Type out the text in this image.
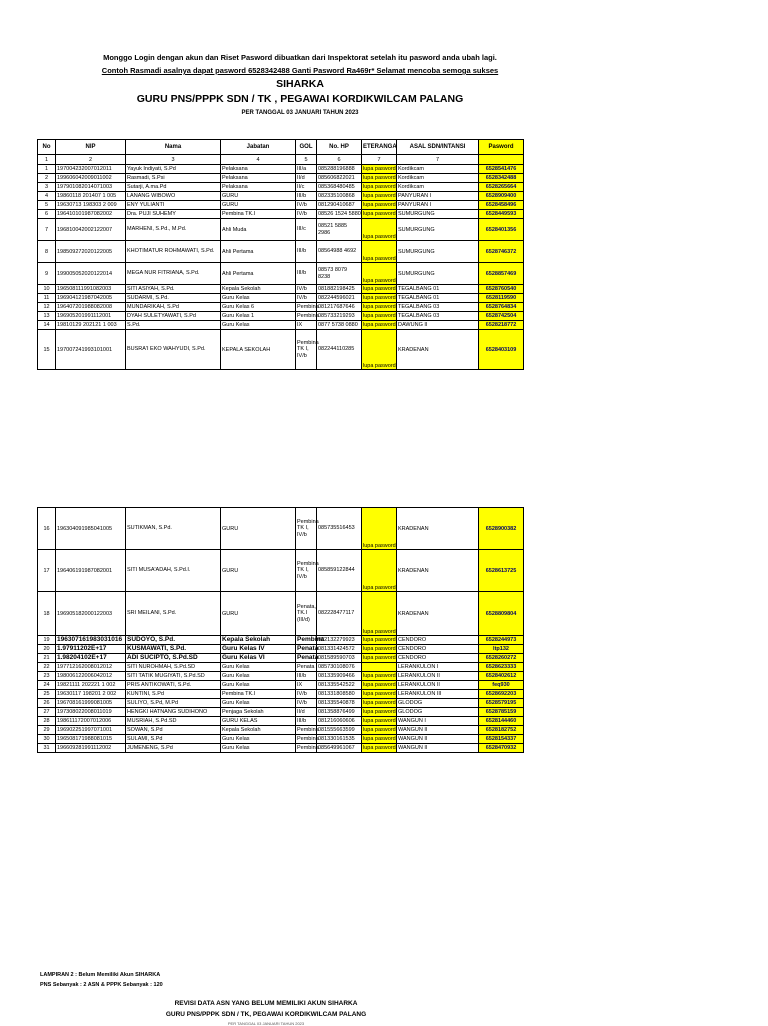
Monggo Login dengan akun dan Riset Pasword dibuatkan dari Inspektorat setelah itu pasword anda ubah lagi.
Contoh Rasmadi asalnya dapat pasword 6528342488 Ganti Pasword Ra469r* Selamat mencoba semoga sukses
SIHARKA
GURU PNS/PPPK SDN / TK , PEGAWAI KORDIKWILCAM PALANG
PER TANGGAL 03 JANUARI TAHUN 2023
No	NIP	Nama	Jabatan	GOL	No. HP	ETERANGA	ASAL SDN/INTANSI	Pasword
1	2	3	4	5	6	7	7	
1	197004232007012011	Yayuk Indiyati, S.Pd	Pelaksana	III/a	085288196888	lupa pasword	Kordikcam	6528541476
2	199606042009011002	Rasmadi, S.Psi	Pelaksana	II/d	085606822021	lupa pasword	Kordikcam	6528342488
3	197901082014071003	Sutarji, A.ma.Pd	Pelaksana	II/c	085368480485	lupa pasword	Kordikcam	6528265664
4	19860118 201407 1 005	LANANG WIBOWO	GURU	III/b	082335100868	lupa pasword	PANYURAN I	6528909400
5	19630713 198303 2 009	ENY YULIANTI	GURU	IV/b	081290410687	lupa pasword	PANYURAN I	6528458496
6	196410101987082002	Dra. PUJI SUHEMY	Pembina TK.I	IV/b	08526 1524 5880	lupa pasword	SUMURGUNG	6528449593
7	196810042002122007	MARHENI, S.Pd., M.Pd.	Ahli Muda	III/c	08521 5885 2986	lupa pasword	SUMURGUNG	6528401356
8	198509272020122005	KHOTIMATUR ROHMAWATI, S.Pd.	Ahli Pertama	III/b	08564988 4692	lupa pasword	SUMURGUNG	6528746372
9	199005052020122014	MEGA NUR FITRIANA, S.Pd.	Ahli Pertama	III/b	08573 8079 8238	lupa pasword	SUMURGUNG	6528857469
10	196508111991082003	SITI ASIYAH, S.Pd.	Kepala Sekolah	IV/b	081882198425	lupa pasword	TEGALBANG 01	6528760540
11	196904121987042005	SUDARMI, S.Pd.	Guru Kelas	IV/b	082244596021	lupa pasword	TEGALBANG 01	6528119590
12	196407201988082008	MUNDARIKAH, S.Pd	Guru Kelas 6	Pembina	081217687646	lupa pasword	TEGALBANG 03	6528764834
13	196905201991112001	DYAH SULETYAWATI, S.Pd	Guru Kelas 1	Pembina	085733219293	lupa pasword	TEGALBANG 03	6528742504
14	19810129 202121 1 003	S.Pd.	Guru Kelas	IX	0877 5738 0880	lupa pasword	DAWUNG II	6528218772
15	197007241993101001	BUSRA'I EKO WAHYUDI, S.Pd.	KEPALA SEKOLAH	Pembina TK I, IV/b	082244110285	lupa pasword	KRADENAN	6528403109
16	196304091985041005	SUTIKMAN, S.Pd.	GURU	Pembina TK I, IV/b	085735516453	lupa pasword	KRADENAN	6528900382
17	196406191987082001	SITI MUSA'ADAH, S.Pd.I.	GURU	Pembina TK I, IV/b	085859122844	lupa pasword	KRADENAN	6528613725
18	196905182000122003	SRI MEILANI, S.Pd.	GURU	Penata, TK.I (III/d)	082228477117	lupa pasword	KRADENAN	6528809804
19	196307161983031016	SUDOYO, S.Pd.	Kepala Sekolah	Pembina	082132279923	lupa pasword	CENDORO	6528244973
20	1.97911202E+17	KUSMAWATI, S.Pd.	Guru Kelas IV	Penata	081331424572	lupa pasword	CENDORO	ltp132
21	1.98204102E+17	ADI SUCIPTO, S.Pd.SD	Guru Kelas VI	Penata	081589590703	lupa pasword	CENDORO	6528260272
22	197712162008012012	SITI NUROHMAH, S.Pd.SD	Guru Kelas	Penata	085730108076		LERANKULON I	6528623333
23	198006122006042012	SITI TATIK MUGIYATI, S.Pd.SD	Guru Kelas	III/b	081335909466	lupa pasword	LERANKULON II	6528402612
24	19821111 202221 1 002	PRIS ANTIKOWATI, S.Pd.	Guru Kelas	IX	081335542522	lupa pasword	LERANKULON II	feq930
25	19630117 198201 2 002	KUNTINI, S.Pd	Pembina TK.I	IV/b	081331808580	lupa pasword	LERANKULON III	6528692203
26	196708161999081005	SULIYO, S.Pd, M.Pd	Guru Kelas	IV/b	081335540878	lupa pasword	GLODOG	6528579195
27	197308022008011019	HENGKI HATNANG SUDIHONO	Penjaga Sekolah	II/d	081358876499	lupa pasword	GLODOG	6528785159
28	198611172007012006	MUSRIAH, S.Pd.SD	GURU KELAS	III/b	081216060606	lupa pasword	WANGUN I	6528144460
29	196902251997071001	SOWAN, S.Pd	Kepala Sekolah	Pembina	081555663599	lupa pasword	WANGUN II	6528182752
30	196508171988081015	SULAMI, S.Pd	Guru Kelas	Pembina	081330161535	lupa pasword	WANGUN II	6528154337
31	196609281991112002	JUMENENG, S.Pd	Guru Kelas	Pembina	085649961067	lupa pasword	WANGUN II	6528470932
LAMPIRAN 2 : Belum Memiliki Akun SIHARKA
PNS Sebanyak : 2 ASN & PPPK Sebanyak : 120
REVISI DATA ASN YANG BELUM MEMILIKI AKUN SIHARKA
GURU PNS/PPPK SDN / TK, PEGAWAI KORDIKWILCAM PALANG
PER TANGGAL 03 JANUARI TAHUN 2023
